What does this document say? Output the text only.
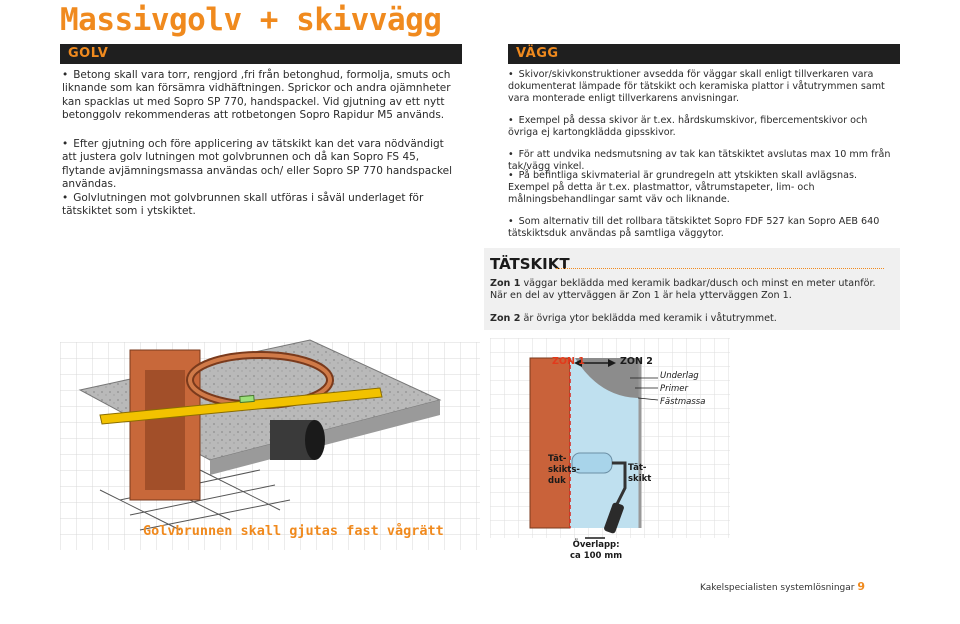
Massivgolv + skivvägg
GOLV
• Betong skall vara torr, rengjord ,fri från betonghud, formolja, smuts och liknande som kan försämra vidhäftningen. Sprickor och andra ojämnheter kan spacklas ut med Sopro SP 770, handspackel. Vid gjutning av ett nytt betonggolv rekommenderas att rotbetongen Sopro Rapidur M5 används.
• Efter gjutning och före applicering av tätskikt kan det vara nödvändigt att justera golv lutningen mot golvbrunnen och då kan Sopro FS 45, flytande avjämningsmassa användas och/ eller Sopro SP 770 handspackel användas.
• Golvlutningen mot golvbrunnen skall utföras i såväl underlaget för tätskiktet som i ytskiktet.
VÄGG
• Skivor/skivkonstruktioner avsedda för väggar skall enligt tillverkaren vara dokumenterat lämpade för tätskikt och keramiska plattor i våtutrymmen samt vara monterade enligt tillverkarens anvisningar.
• Exempel på dessa skivor är t.ex. hårdskumskivor, fibercementskivor och övriga ej kartongklädda gipsskivor.
• För att undvika nedsmutsning av tak kan tätskiktet avslutas max 10 mm från tak/vägg vinkel.
• På befintliga skivmaterial är grundregeln att ytskikten skall avlägsnas. Exempel på detta är t.ex. plastmattor, våtrumstapeter, lim- och målningsbehandlingar samt väv och liknande.
• Som alternativ till det rollbara tätskiktet Sopro FDF 527 kan Sopro AEB 640 tätskiktsduk användas på samtliga väggytor.
TÄTSKIKT
Zon 1 väggar beklädda med keramik badkar/dusch och minst en meter utanför.
När en del av ytterväggen är Zon 1 är hela ytterväggen Zon 1.
Zon 2 är övriga ytor beklädda med keramik i våtutrymmet.
Golvbrunnen skall gjutas fast vågrätt
ZON 1	ZON 2
Underlag
Primer
Fästmassa
Tät-
skikts-
duk
Tät-
skikt
Överlapp:
ca 100 mm
Kakelspecialisten systemlösningar 9
